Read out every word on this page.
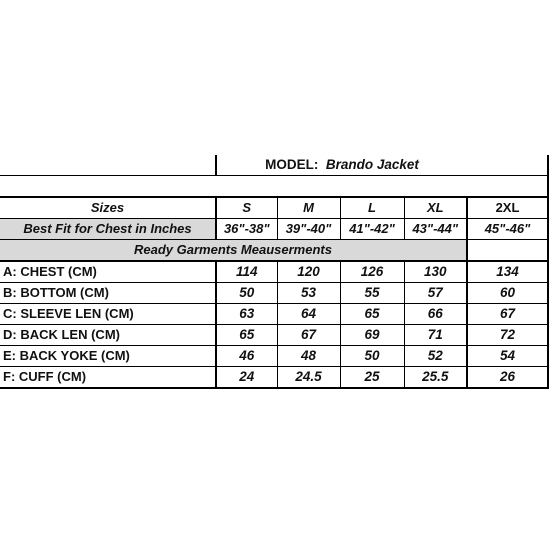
	MODEL: Brando Jacket				

Sizes	S	M	L	XL	2XL
Best Fit for Chest in Inches	36"-38"	39"-40"	41"-42"	43"-44"	45"-46"
Ready Garments Meauserments					
A: CHEST (CM)	114	120	126	130	134
B: BOTTOM (CM)	50	53	55	57	60
C: SLEEVE LEN (CM)	63	64	65	66	67
D: BACK LEN (CM)	65	67	69	71	72
E: BACK YOKE (CM)	46	48	50	52	54
F: CUFF (CM)	24	24.5	25	25.5	26
